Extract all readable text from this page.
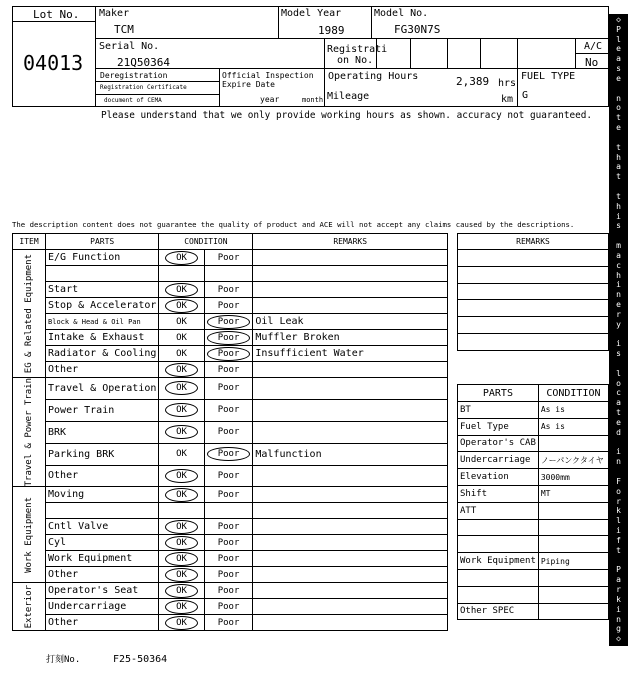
Lot No.
04013
Maker
TCM
Model Year
1989
Model No.
FG30N7S
Serial No.
21Q50364
Registrati
on No.
A/C
No
Deregistration
Registration Certificate
document of CEMA
Official Inspection
Expire Date
year	month
Operating Hours	2,389 hrs
Mileage	km
FUEL TYPE
G
Please understand that we only provide working hours as shown. accuracy not guaranteed.
The description content does not guarantee the quality of product and ACE will not accept any claims caused by the descriptions.
ITEM	PARTS	CONDITION		REMARKS

EG & Related Equipment	E/G Function	OK	Poor	

	Start	OK	Poor	
	Stop & Accelerator	OK	Poor	
	Block & Head & Oil Pan	OK	Poor	Oil Leak
	Intake & Exhaust	OK	Poor	Muffler Broken
	Radiator & Cooling	OK	Poor	Insufficient Water
	Other	OK	Poor	

Travel & Power Train	Travel & Operation	OK	Poor	
	Power Train	OK	Poor	
	BRK	OK	Poor	
	Parking BRK	OK	Poor	Malfunction
	Other	OK	Poor	

Work Equipment	Moving	OK	Poor	

	Cntl Valve	OK	Poor	
	Cyl	OK	Poor	
	Work Equipment	OK	Poor	
	Other	OK	Poor	

Exterior	Operator's Seat	OK	Poor	
	Undercarriage	OK	Poor	
	Other	OK	Poor	
REMARKS

PARTS	CONDITION
BT	As is
Fuel Type	As is
Operator's CAB	
Undercarriage	ノーパンクタイヤ
Elevation	3000mm
Shift	MT
ATT	

Work Equipment	Piping

Other SPEC	
打刻No.	F25-50364
◇
P
l
e
a
s
e

n
o
t
e

t
h
a
t

t
h
i
s

m
a
c
h
i
n
e
r
y

i
s

l
o
c
a
t
e
d

i
n

F
o
r
k
l
i
f
t

P
a
r
k
i
n
g
◇
